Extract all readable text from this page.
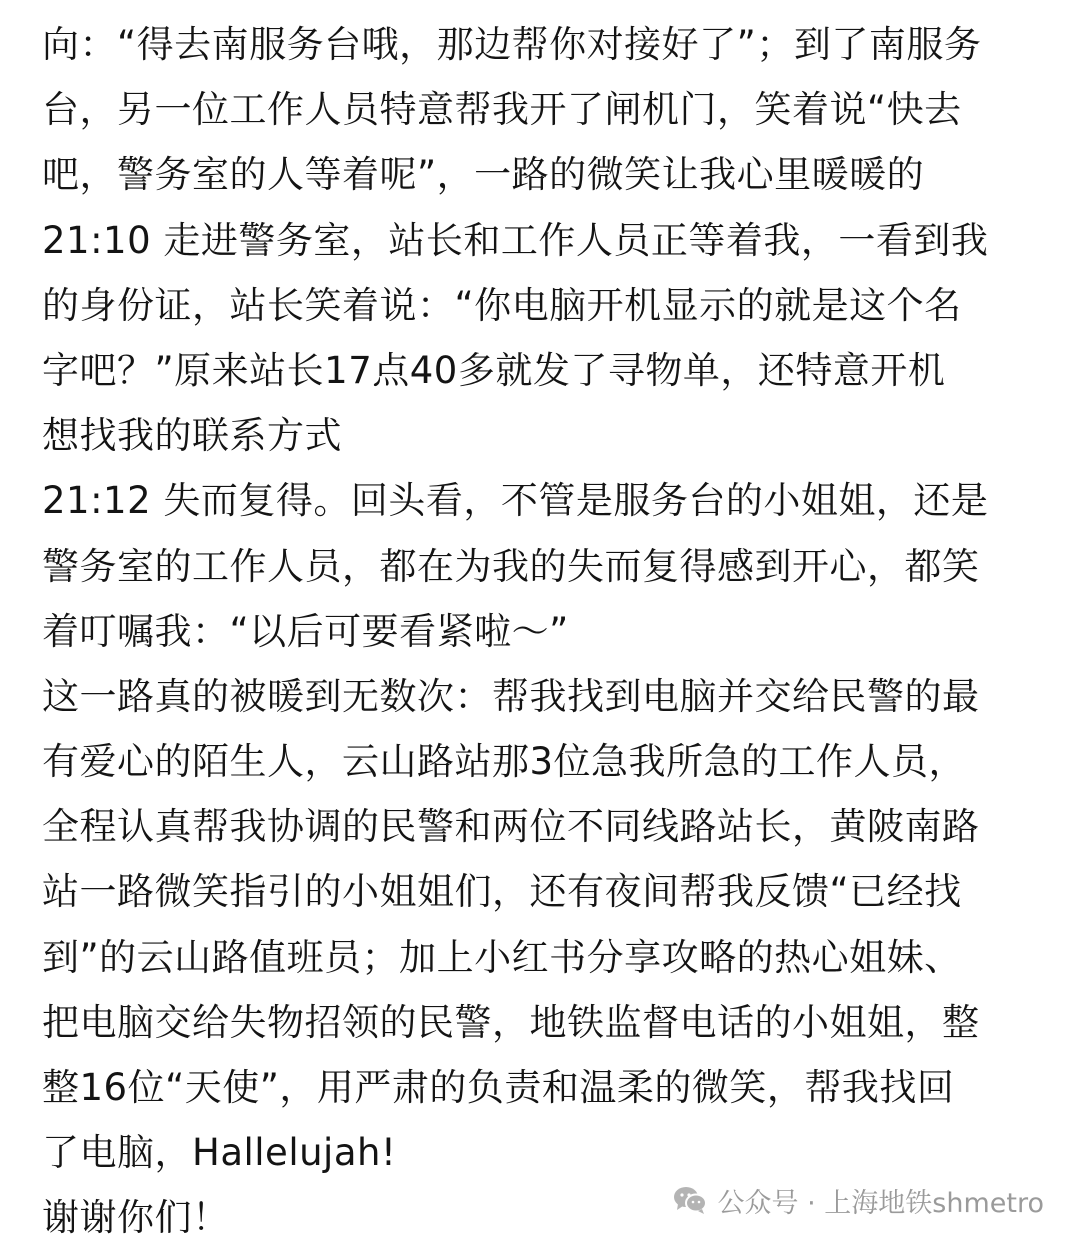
向：“得去南服务台哦，那边帮你对接好了”；到了南服务
台，另一位工作人员特意帮我开了闸机门，笑着说“快去
吧，警务室的人等着呢”，一路的微笑让我心里暖暖的
21:10 走进警务室，站长和工作人员正等着我，一看到我
的身份证，站长笑着说：“你电脑开机显示的就是这个名
字吧？”原来站长17点40多就发了寻物单，还特意开机
想找我的联系方式
21:12 失而复得。回头看，不管是服务台的小姐姐，还是
警务室的工作人员，都在为我的失而复得感到开心，都笑
着叮嘱我：“以后可要看紧啦～”
这一路真的被暖到无数次：帮我找到电脑并交给民警的最
有爱心的陌生人，云山路站那3位急我所急的工作人员，
全程认真帮我协调的民警和两位不同线路站长，黄陂南路
站一路微笑指引的小姐姐们，还有夜间帮我反馈“已经找
到”的云山路值班员；加上小红书分享攻略的热心姐妹、
把电脑交给失物招领的民警，地铁监督电话的小姐姐，整
整16位“天使”，用严肃的负责和温柔的微笑，帮我找回
了电脑，Hallelujah!
谢谢你们！	公众号 · 上海地铁shmetro
